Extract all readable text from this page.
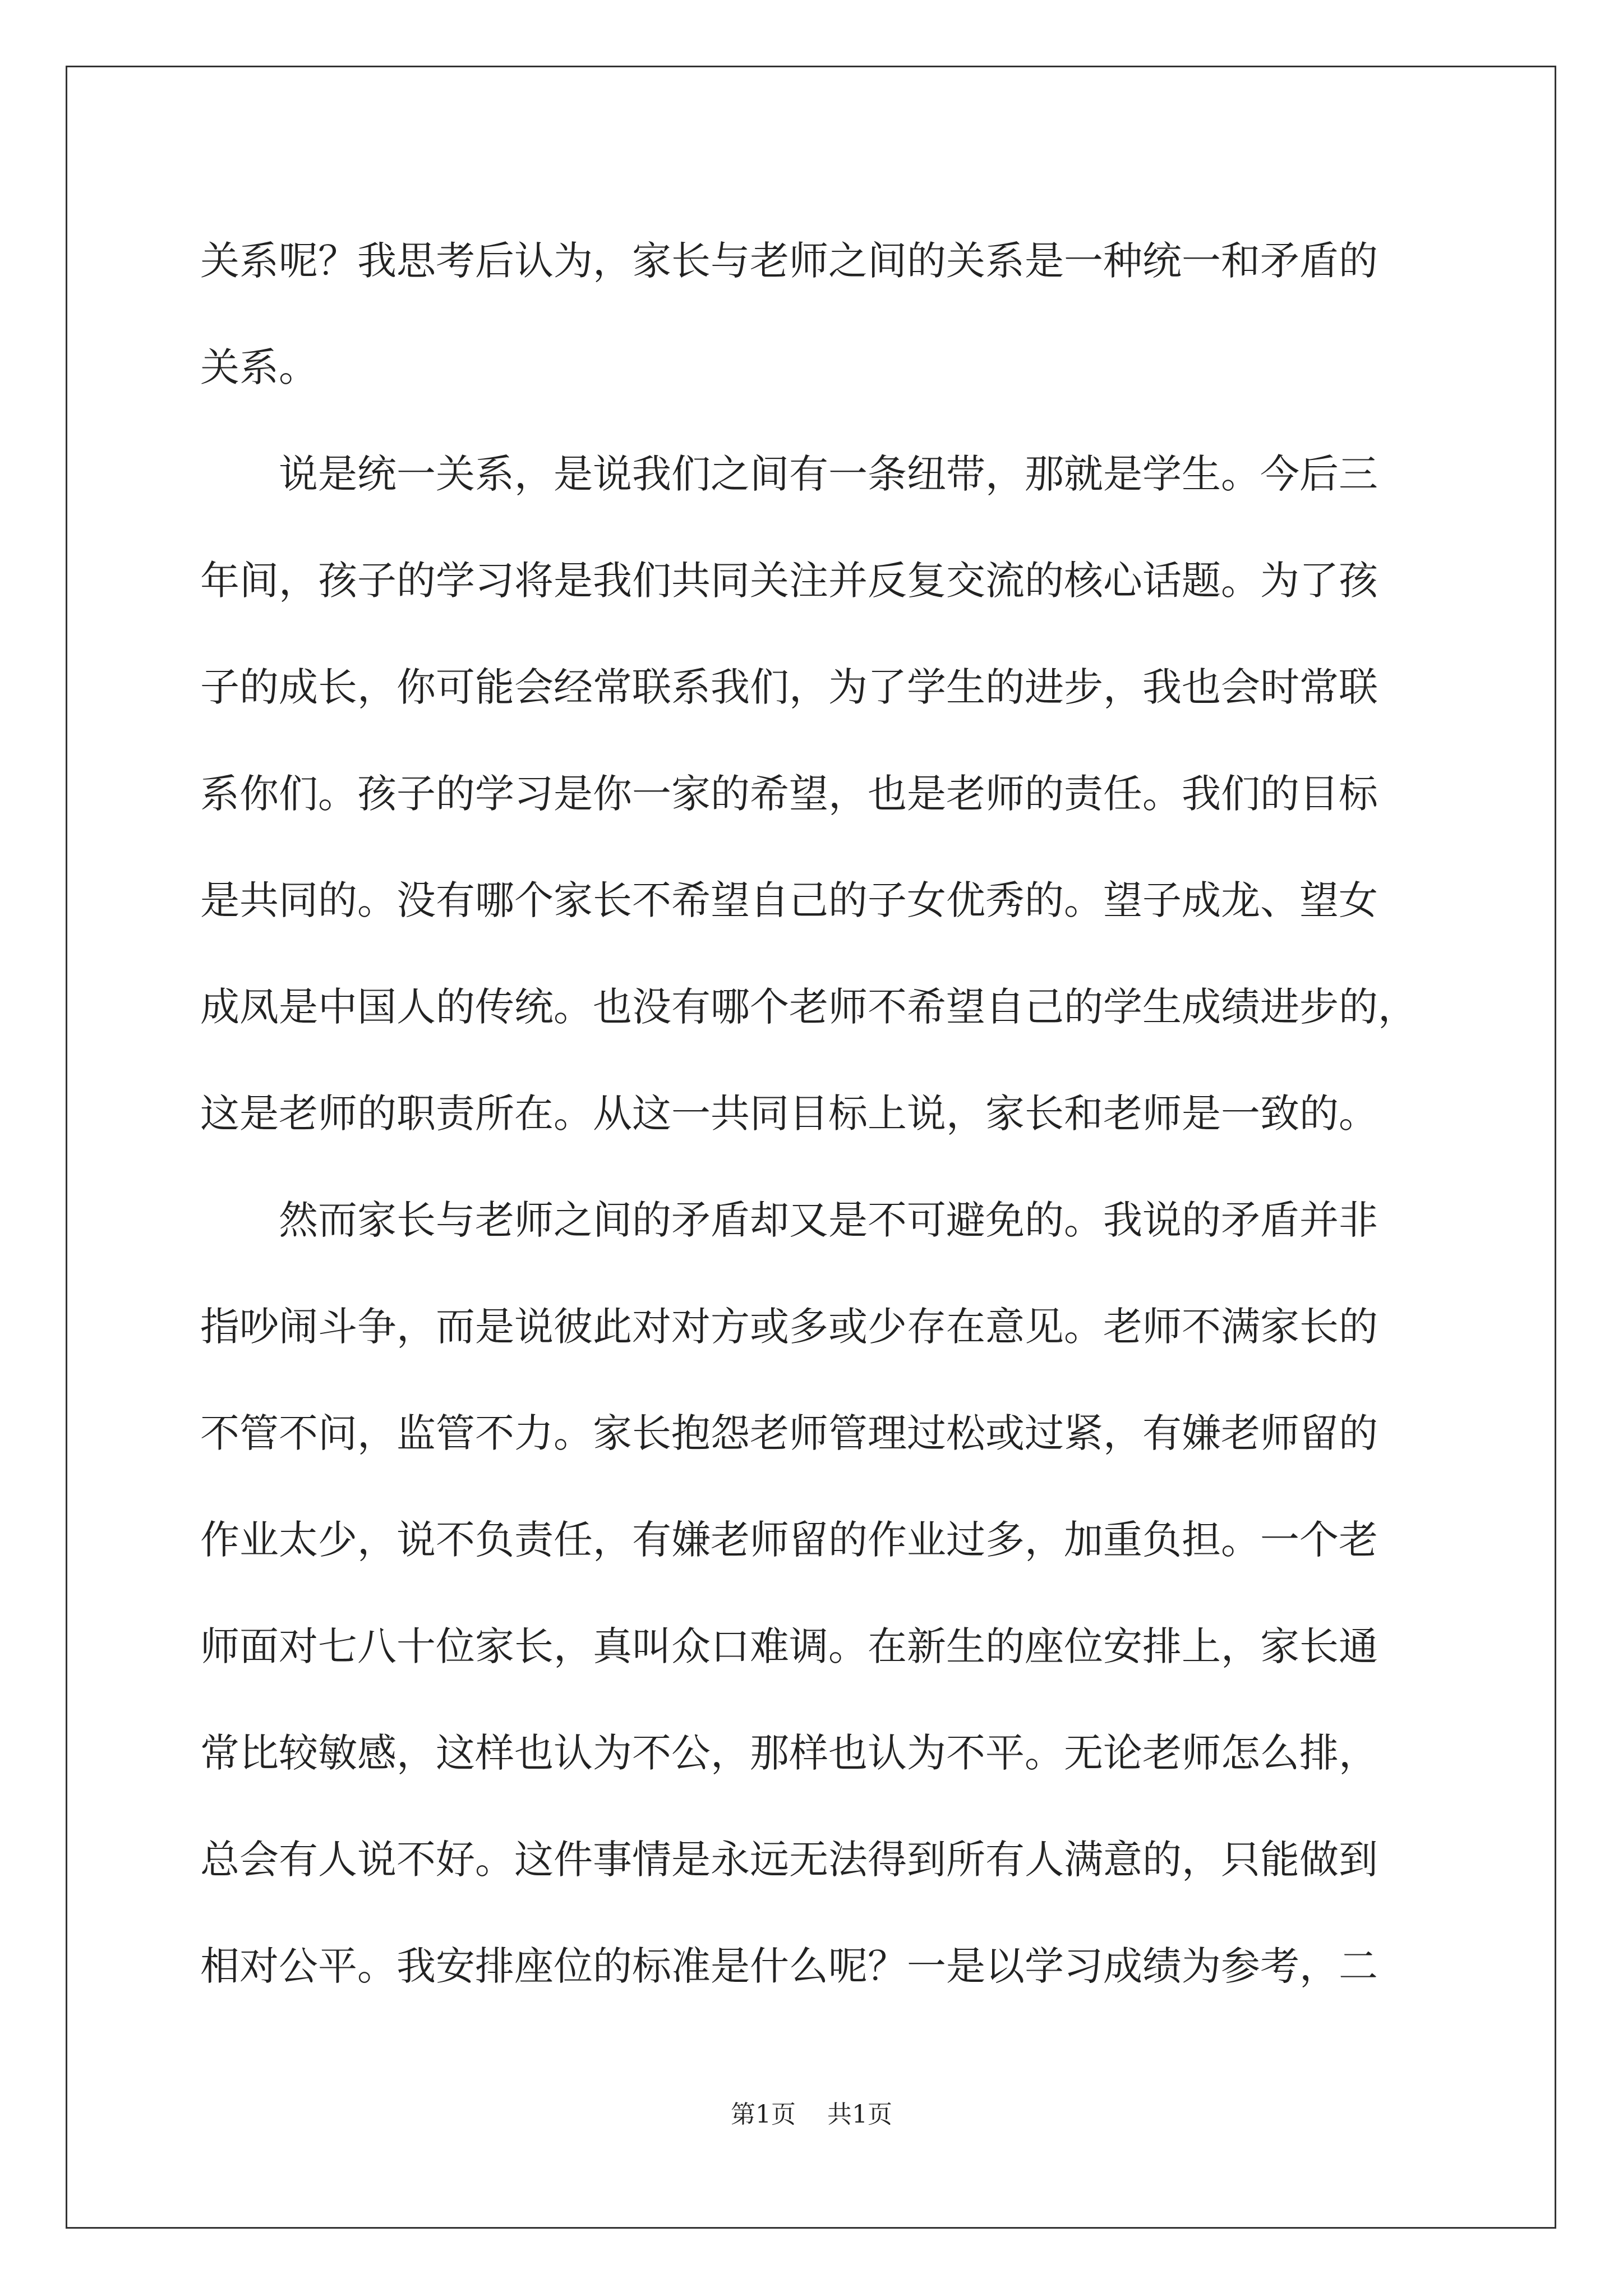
关系呢？我思考后认为，家长与老师之间的关系是一种统一和矛盾的
关系。
说是统一关系，是说我们之间有一条纽带，那就是学生。今后三
年间，孩子的学习将是我们共同关注并反复交流的核心话题。为了孩
子的成长，你可能会经常联系我们，为了学生的进步，我也会时常联
系你们。孩子的学习是你一家的希望，也是老师的责任。我们的目标
是共同的。没有哪个家长不希望自己的子女优秀的。望子成龙、望女
成凤是中国人的传统。也没有哪个老师不希望自己的学生成绩进步的，
这是老师的职责所在。从这一共同目标上说，家长和老师是一致的。
然而家长与老师之间的矛盾却又是不可避免的。我说的矛盾并非
指吵闹斗争，而是说彼此对对方或多或少存在意见。老师不满家长的
不管不问，监管不力。家长抱怨老师管理过松或过紧，有嫌老师留的
作业太少，说不负责任，有嫌老师留的作业过多，加重负担。一个老
师面对七八十位家长，真叫众口难调。在新生的座位安排上，家长通
常比较敏感，这样也认为不公，那样也认为不平。无论老师怎么排，
总会有人说不好。这件事情是永远无法得到所有人满意的，只能做到
相对公平。我安排座位的标准是什么呢？一是以学习成绩为参考，二
第1页 共1页
